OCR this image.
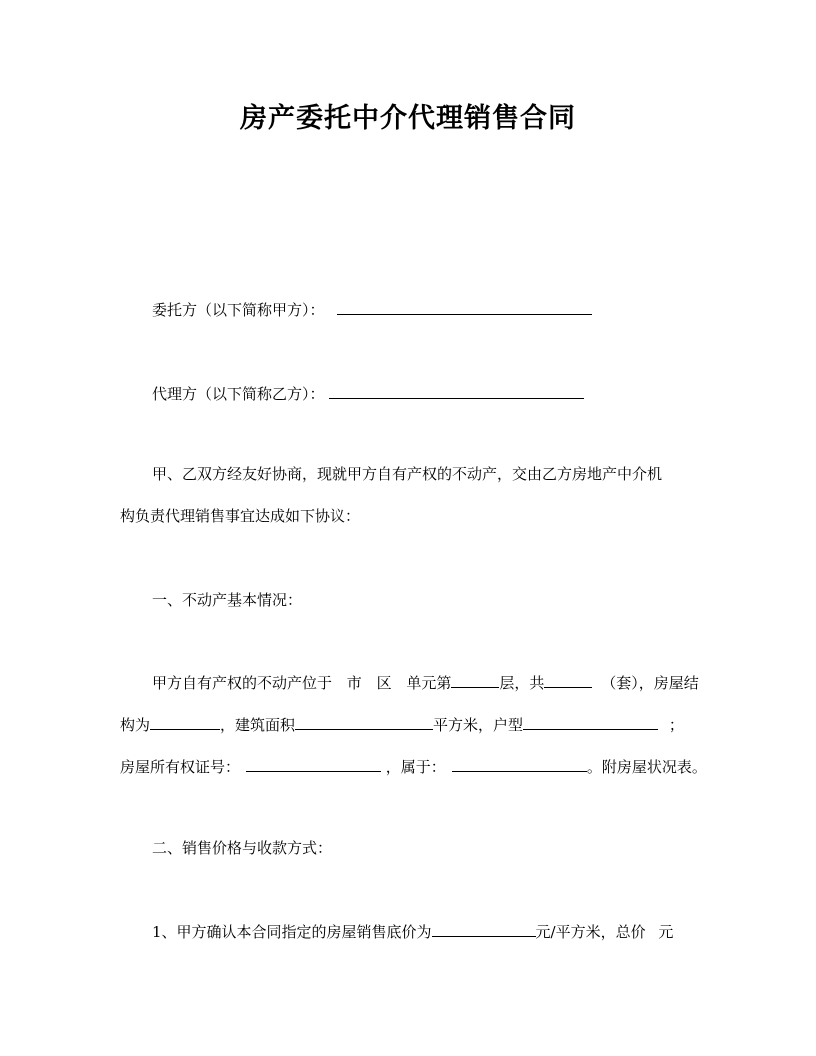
房产委托中介代理销售合同
委托方（以下简称甲方）：
代理方（以下简称乙方）：
甲、乙双方经友好协商，现就甲方自有产权的不动产，交由乙方房地产中介机
构负责代理销售事宜达成如下协议：
一、不动产基本情况：
甲方自有产权的不动产位于 市 区 单元第	层，共	（套），房屋结
构为	，建筑面积	平方米，户型	；
房屋所有权证号：	，属于：	。附房屋状况表。
二、销售价格与收款方式：
1、甲方确认本合同指定的房屋销售底价为	元/平方米，总价 元
